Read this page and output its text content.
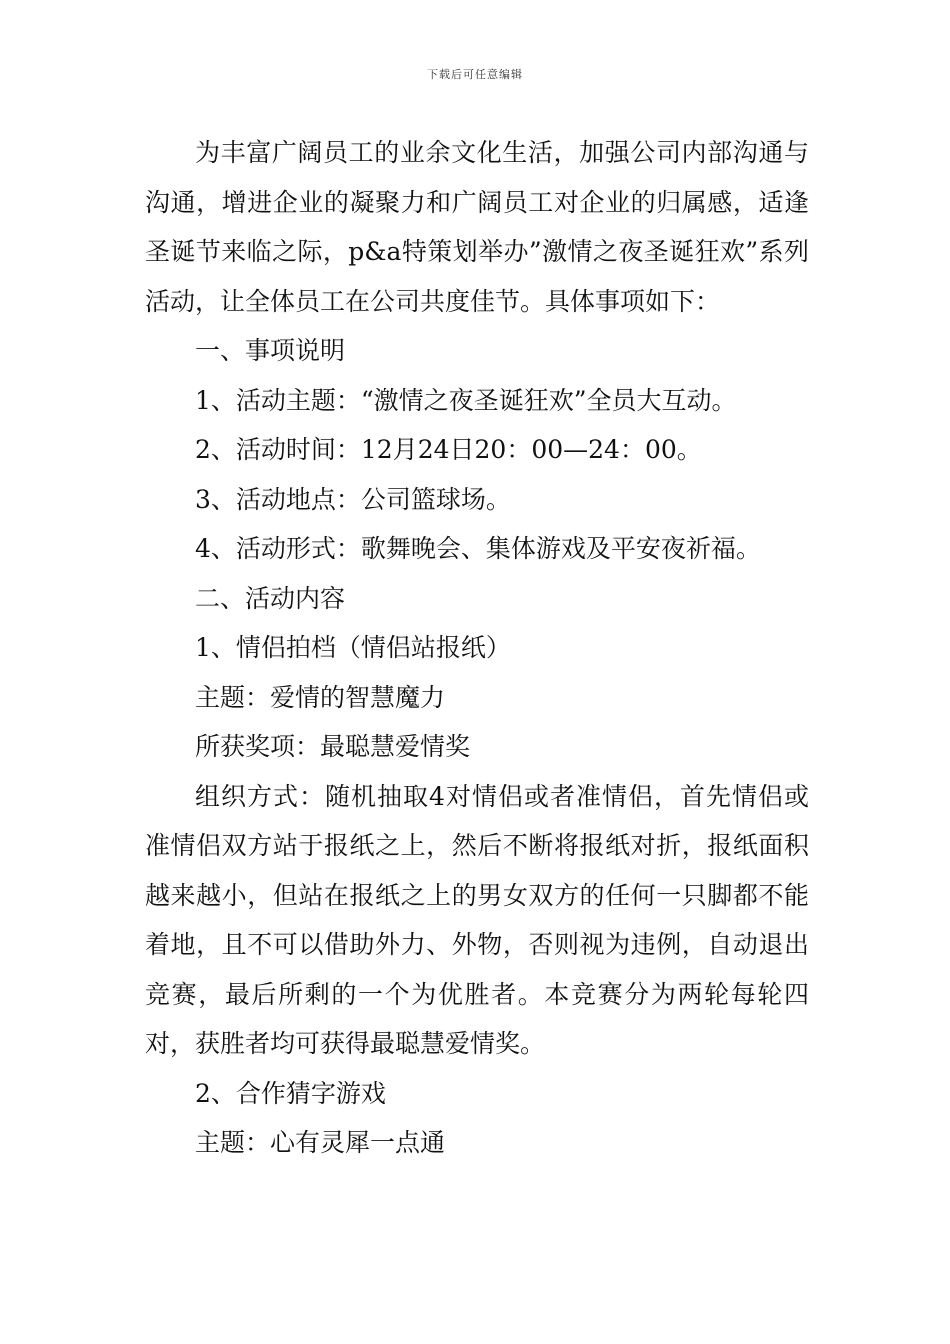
下载后可任意编辑

为丰富广阔员工的业余文化生活，加强公司内部沟通与沟通，增进企业的凝聚力和广阔员工对企业的归属感，适逢圣诞节来临之际，p&a特策划举办”激情之夜圣诞狂欢”系列活动，让全体员工在公司共度佳节。具体事项如下：

一、事项说明

1、活动主题：“激情之夜圣诞狂欢”全员大互动。

2、活动时间：12月24日20：00—24：00。

3、活动地点：公司篮球场。

4、活动形式：歌舞晚会、集体游戏及平安夜祈福。

二、活动内容

1、情侣拍档（情侣站报纸）

主题：爱情的智慧魔力

所获奖项：最聪慧爱情奖

组织方式：随机抽取4对情侣或者准情侣，首先情侣或准情侣双方站于报纸之上，然后不断将报纸对折，报纸面积越来越小，但站在报纸之上的男女双方的任何一只脚都不能着地，且不可以借助外力、外物，否则视为违例，自动退出竞赛，最后所剩的一个为优胜者。本竞赛分为两轮每轮四对，获胜者均可获得最聪慧爱情奖。

2、合作猜字游戏

主题：心有灵犀一点通
